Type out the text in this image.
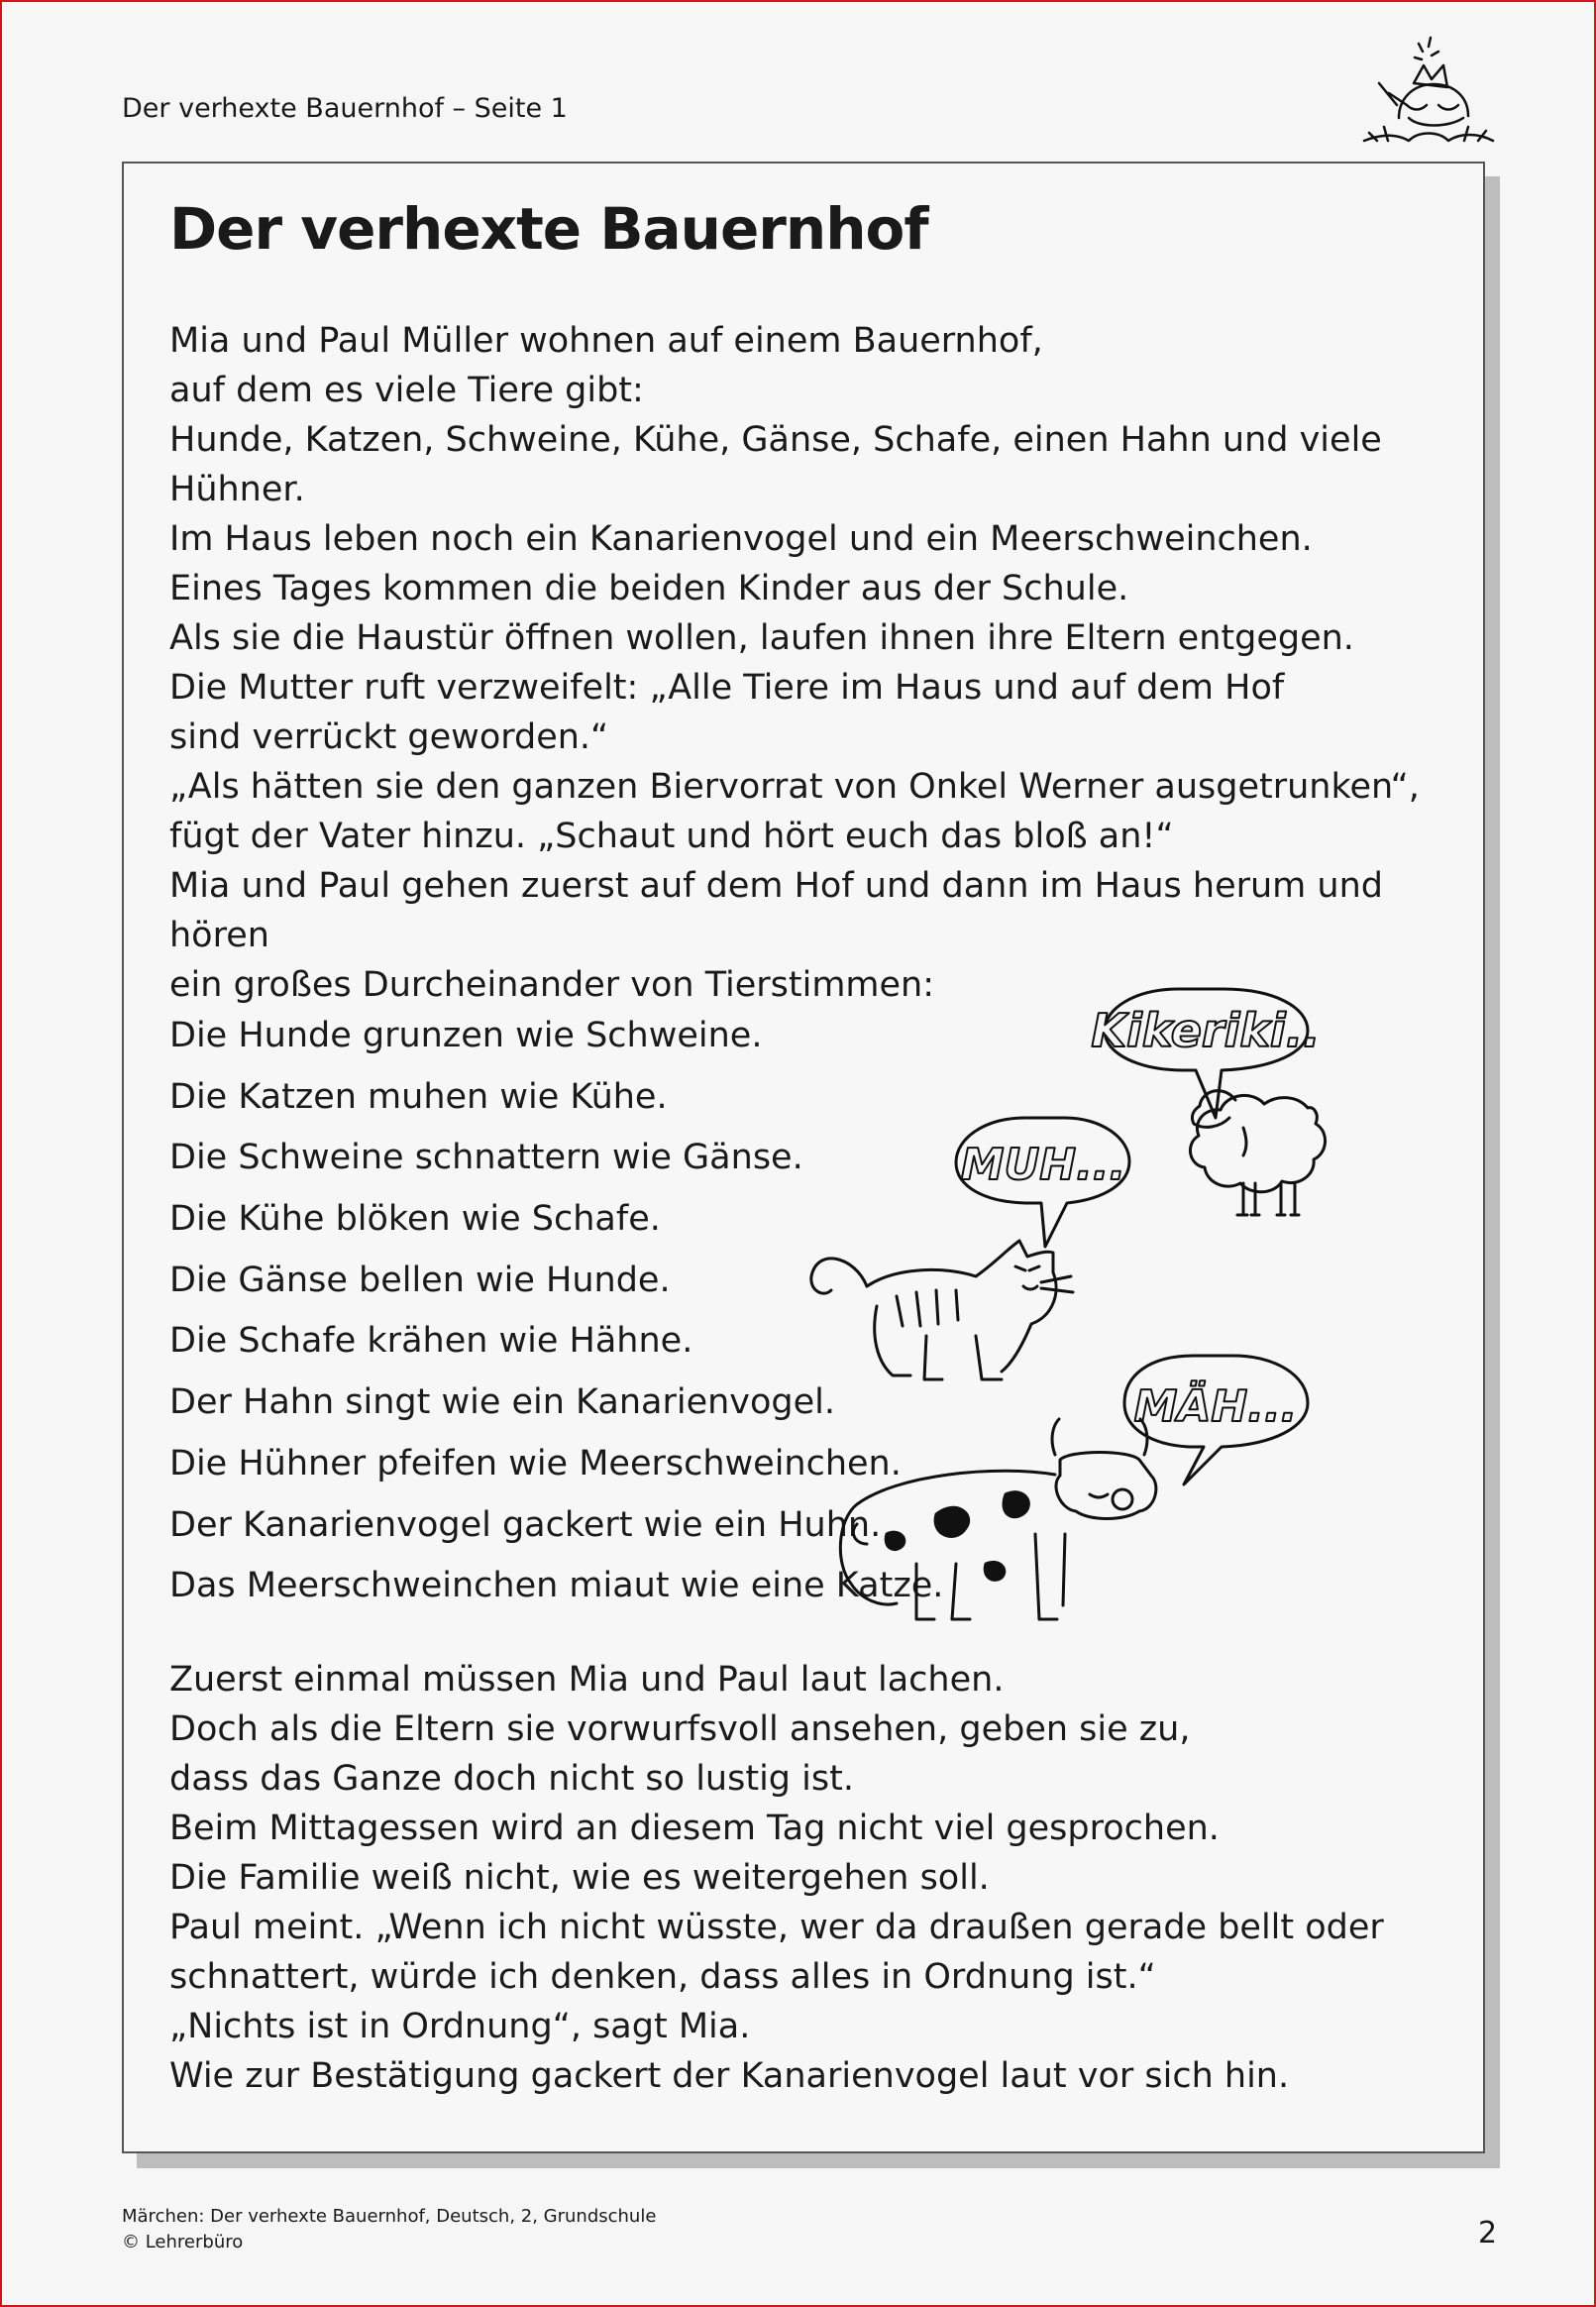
Der verhexte Bauernhof – Seite 1
Der verhexte Bauernhof

Mia und Paul Müller wohnen auf einem Bauernhof,
auf dem es viele Tiere gibt:
Hunde, Katzen, Schweine, Kühe, Gänse, Schafe, einen Hahn und viele Hühner.
Im Haus leben noch ein Kanarienvogel und ein Meerschweinchen.
Eines Tages kommen die beiden Kinder aus der Schule.
Als sie die Haustür öffnen wollen, laufen ihnen ihre Eltern entgegen.
Die Mutter ruft verzweifelt: „Alle Tiere im Haus und auf dem Hof
sind verrückt geworden.“
„Als hätten sie den ganzen Biervorrat von Onkel Werner ausgetrunken“,
fügt der Vater hinzu. „Schaut und hört euch das bloß an!“
Mia und Paul gehen zuerst auf dem Hof und dann im Haus herum und hören
ein großes Durcheinander von Tierstimmen:

Die Hunde grunzen wie Schweine.
Die Katzen muhen wie Kühe.
Die Schweine schnattern wie Gänse.
Die Kühe blöken wie Schafe.
Die Gänse bellen wie Hunde.
Die Schafe krähen wie Hähne.
Der Hahn singt wie ein Kanarienvogel.
Die Hühner pfeifen wie Meerschweinchen.
Der Kanarienvogel gackert wie ein Huhn.
Das Meerschweinchen miaut wie eine Katze.
Kikeriki..
MUH...
MÄH...

Zuerst einmal müssen Mia und Paul laut lachen.
Doch als die Eltern sie vorwurfsvoll ansehen, geben sie zu,
dass das Ganze doch nicht so lustig ist.
Beim Mittagessen wird an diesem Tag nicht viel gesprochen.
Die Familie weiß nicht, wie es weitergehen soll.
Paul meint. „Wenn ich nicht wüsste, wer da draußen gerade bellt oder
schnattert, würde ich denken, dass alles in Ordnung ist.“
„Nichts ist in Ordnung“, sagt Mia.
Wie zur Bestätigung gackert der Kanarienvogel laut vor sich hin.

Märchen: Der verhexte Bauernhof, Deutsch, 2, Grundschule
© Lehrerbüro	2
